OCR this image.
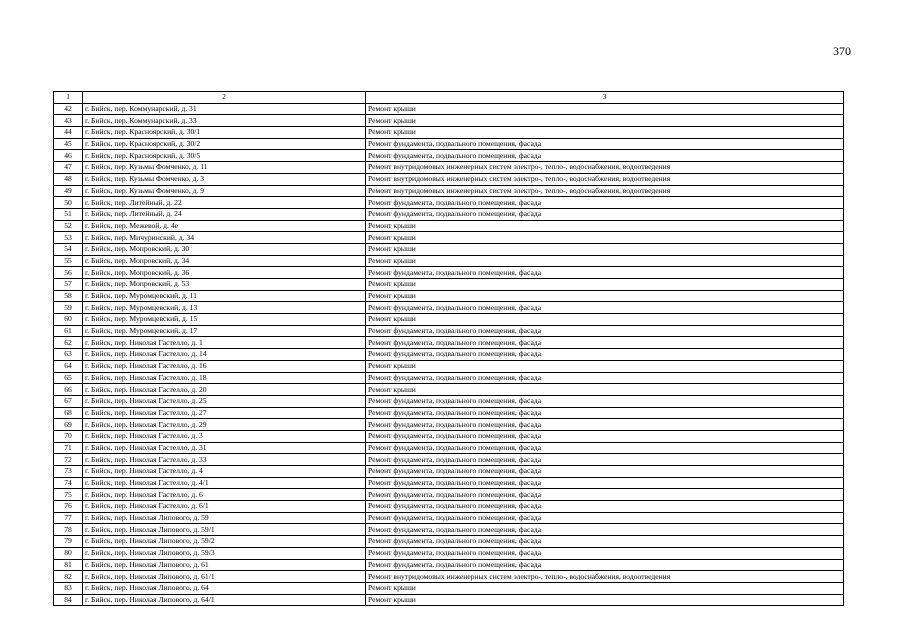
370
1	2	3
42	г. Бийск, пер. Коммунарский, д. 31	Ремонт крыши
43	г. Бийск, пер. Коммунарский, д. 33	Ремонт крыши
44	г. Бийск, пер. Красноярский, д. 30/1	Ремонт крыши
45	г. Бийск, пер. Красноярский, д. 30/2	Ремонт фундамента, подвального помещения, фасада
46	г. Бийск, пер. Красноярский, д. 30/5	Ремонт фундамента, подвального помещения, фасада
47	г. Бийск, пер. Кузьмы Фомченко, д. 11	Ремонт внутридомовых инженерных систем электро-, тепло-, водоснабжения, водоотведения
48	г. Бийск, пер. Кузьмы Фомченко, д. 3	Ремонт внутридомовых инженерных систем электро-, тепло-, водоснабжения, водоотведения
49	г. Бийск, пер. Кузьмы Фомченко, д. 9	Ремонт внутридомовых инженерных систем электро-, тепло-, водоснабжения, водоотведения
50	г. Бийск, пер. Литейный, д. 22	Ремонт фундамента, подвального помещения, фасада
51	г. Бийск, пер. Литейный, д. 24	Ремонт фундамента, подвального помещения, фасада
52	г. Бийск, пер. Межевой, д. 4е	Ремонт крыши
53	г. Бийск, пер. Мичуринский, д. 34	Ремонт крыши
54	г. Бийск, пер. Мопровский, д. 30	Ремонт крыши
55	г. Бийск, пер. Мопровский, д. 34	Ремонт крыши
56	г. Бийск, пер. Мопровский, д. 36	Ремонт фундамента, подвального помещения, фасада
57	г. Бийск, пер. Мопровский, д. 53	Ремонт крыши
58	г. Бийск, пер. Муромцевский, д. 11	Ремонт крыши
59	г. Бийск, пер. Муромцевский, д. 13	Ремонт фундамента, подвального помещения, фасада
60	г. Бийск, пер. Муромцевский, д. 15	Ремонт крыши
61	г. Бийск, пер. Муромцевский, д. 17	Ремонт фундамента, подвального помещения, фасада
62	г. Бийск, пер. Николая Гастелло, д. 1	Ремонт фундамента, подвального помещения, фасада
63	г. Бийск, пер. Николая Гастелло, д. 14	Ремонт фундамента, подвального помещения, фасада
64	г. Бийск, пер. Николая Гастелло, д. 16	Ремонт крыши
65	г. Бийск, пер. Николая Гастелло, д. 18	Ремонт фундамента, подвального помещения, фасада
66	г. Бийск, пер. Николая Гастелло, д. 20	Ремонт крыши
67	г. Бийск, пер. Николая Гастелло, д. 25	Ремонт фундамента, подвального помещения, фасада
68	г. Бийск, пер. Николая Гастелло, д. 27	Ремонт фундамента, подвального помещения, фасада
69	г. Бийск, пер. Николая Гастелло, д. 29	Ремонт фундамента, подвального помещения, фасада
70	г. Бийск, пер. Николая Гастелло, д. 3	Ремонт фундамента, подвального помещения, фасада
71	г. Бийск, пер. Николая Гастелло, д. 31	Ремонт фундамента, подвального помещения, фасада
72	г. Бийск, пер. Николая Гастелло, д. 33	Ремонт фундамента, подвального помещения, фасада
73	г. Бийск, пер. Николая Гастелло, д. 4	Ремонт фундамента, подвального помещения, фасада
74	г. Бийск, пер. Николая Гастелло, д. 4/1	Ремонт фундамента, подвального помещения, фасада
75	г. Бийск, пер. Николая Гастелло, д. 6	Ремонт фундамента, подвального помещения, фасада
76	г. Бийск, пер. Николая Гастелло, д. 6/1	Ремонт фундамента, подвального помещения, фасада
77	г. Бийск, пер. Николая Липового, д. 59	Ремонт фундамента, подвального помещения, фасада
78	г. Бийск, пер. Николая Липового, д. 59/1	Ремонт фундамента, подвального помещения, фасада
79	г. Бийск, пер. Николая Липового, д. 59/2	Ремонт фундамента, подвального помещения, фасада
80	г. Бийск, пер. Николая Липового, д. 59/3	Ремонт фундамента, подвального помещения, фасада
81	г. Бийск, пер. Николая Липового, д. 61	Ремонт фундамента, подвального помещения, фасада
82	г. Бийск, пер. Николая Липового, д. 61/1	Ремонт внутридомовых инженерных систем электро-, тепло-, водоснабжения, водоотведения
83	г. Бийск, пер. Николая Липового, д. 64	Ремонт крыши
84	г. Бийск, пер. Николая Липового, д. 64/1	Ремонт крыши
